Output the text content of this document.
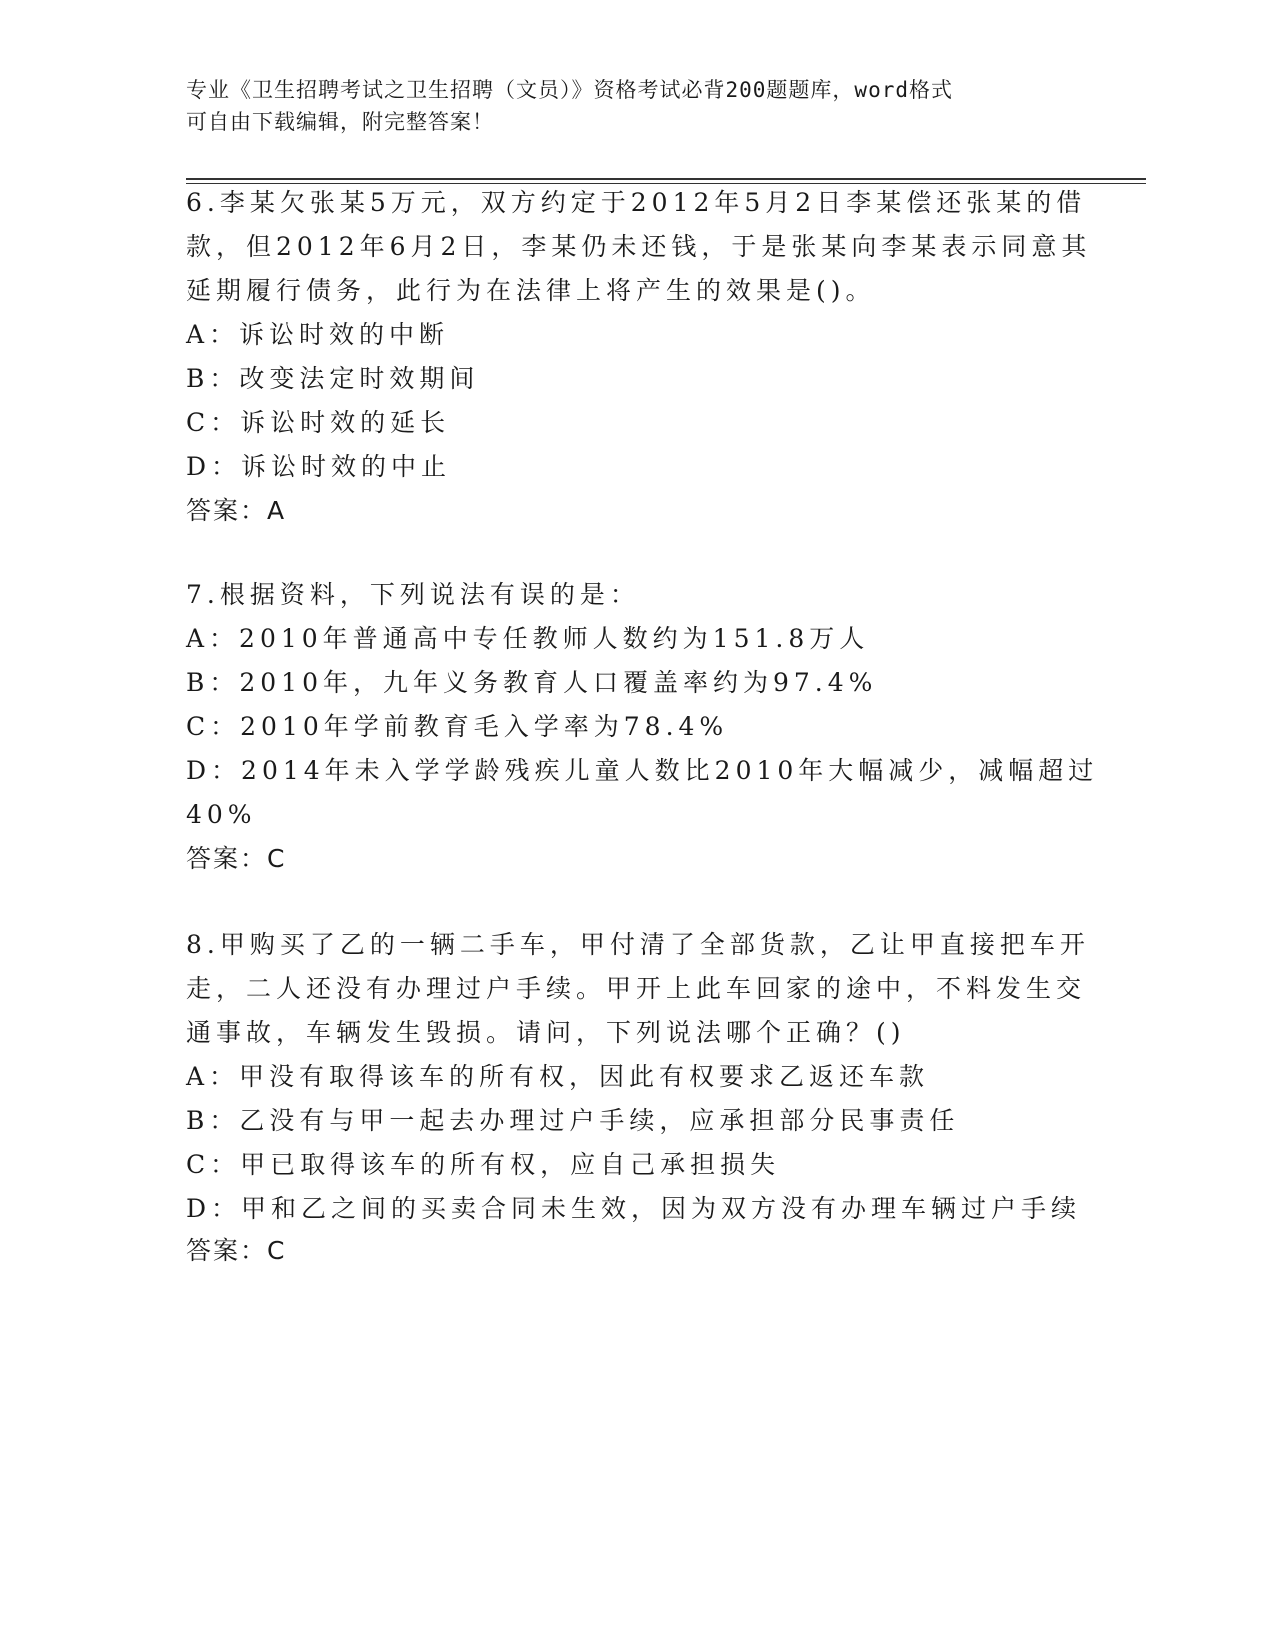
专业《卫生招聘考试之卫生招聘（文员）》资格考试必背200题题库，word格式
可自由下载编辑，附完整答案！
6.李某欠张某5万元，双方约定于2012年5月2日李某偿还张某的借
款，但2012年6月2日，李某仍未还钱，于是张某向李某表示同意其
延期履行债务，此行为在法律上将产生的效果是()。
A：诉讼时效的中断
B：改变法定时效期间
C：诉讼时效的延长
D：诉讼时效的中止
答案：A
7.根据资料，下列说法有误的是：
A：2010年普通高中专任教师人数约为151.8万人
B：2010年，九年义务教育人口覆盖率约为97.4%
C：2010年学前教育毛入学率为78.4%
D：2014年未入学学龄残疾儿童人数比2010年大幅减少，减幅超过
40%
答案：C
8.甲购买了乙的一辆二手车，甲付清了全部货款，乙让甲直接把车开
走，二人还没有办理过户手续。甲开上此车回家的途中，不料发生交
通事故，车辆发生毁损。请问，下列说法哪个正确？()
A：甲没有取得该车的所有权，因此有权要求乙返还车款
B：乙没有与甲一起去办理过户手续，应承担部分民事责任
C：甲已取得该车的所有权，应自己承担损失
D：甲和乙之间的买卖合同未生效，因为双方没有办理车辆过户手续
答案：C
